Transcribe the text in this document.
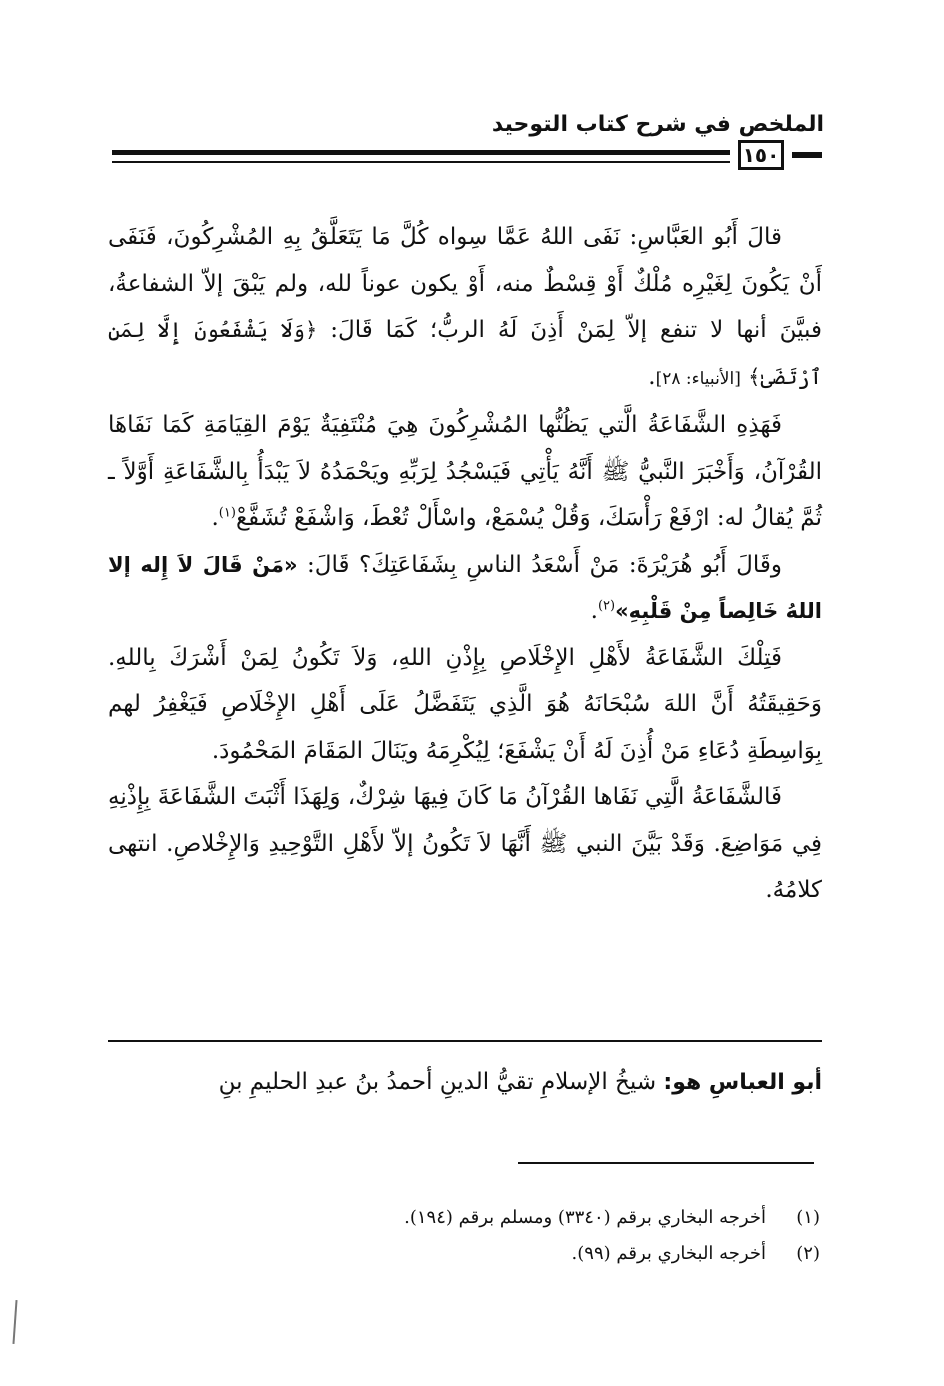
الملخص في شرح كتاب التوحيد
١٥٠

قالَ أَبُو العَبَّاسِ: نَفَى اللهُ عَمَّا سِواه كُلَّ مَا يَتَعَلَّقُ بِهِ المُشْرِكُونَ، فَنَفَى أَنْ يَكُونَ لِغَيْرِه مُلْكٌ أَوْ قِسْطٌ منه، أَوْ يكون عوناً لله، ولم يَبْقَ إلاّ الشفاعةُ، فبيَّنَ أنها لا تنفع إلاّ لِمَنْ أَذِنَ لَهُ الربُّ؛ كَمَا قَالَ: ﴿وَلَا يَشْفَعُونَ إِلَّا لِمَنِ ٱرْتَضَىٰ﴾ [الأنبياء: ٢٨].

فَهَذِهِ الشَّفَاعَةُ الَّتي يَظُنُّها المُشْرِكُونَ هِيَ مُنْتَفِيَةٌ يَوْمَ القِيَامَةِ كَمَا نَفَاهَا القُرْآنُ، وَأَخْبَرَ النَّبيُّ ﷺ أَنَّهُ يَأْتِي فَيَسْجُدُ لِرَبِّهِ ويَحْمَدُهُ لاَ يَبْدَأُ بِالشَّفَاعَةِ أَوَّلاً ـ ثُمَّ يُقالُ له: ارْفَعْ رَأْسَكَ، وَقُلْ يُسْمَعْ، واسْأَلْ تُعْطَ، وَاشْفَعْ تُشَفَّعْ$^{(١)}$.

وقَالَ أَبُو هُرَيْرَةَ: مَنْ أَسْعَدُ الناسِ بِشَفَاعَتِكَ؟ قَالَ: «مَنْ قَالَ لاَ إِله إلا اللهُ خَالِصاً مِنْ قَلْبِهِ»$^{(٢)}$.

فَتِلْكَ الشَّفَاعَةُ لأَهْلِ الإِخْلَاصِ بِإِذْنِ اللهِ، وَلاَ تَكُونُ لِمَنْ أَشْرَكَ بِاللهِ. وَحَقِيقَتُهُ أَنَّ اللهَ سُبْحَانَهُ هُوَ الَّذِي يَتَفَضَّلُ عَلَى أَهْلِ الإِخْلَاصِ فَيَغْفِرُ لهم بِوَاسِطَةِ دُعَاءِ مَنْ أُذِنَ لَهُ أَنْ يَشْفَعَ؛ لِيُكْرِمَهُ ويَنَالَ المَقَامَ المَحْمُودَ.

فَالشَّفَاعَةُ الَّتِي نَفَاها القُرْآنُ مَا كَانَ فِيهَا شِرْكٌ، وَلِهَذَا أَثْبَتَ الشَّفَاعَةَ بِإِذْنِهِ فِي مَوَاضِعَ. وَقَدْ بَيَّنَ النبي ﷺ أَنَّهَا لاَ تَكُونُ إلاّ لأَهْلِ التَّوْحِيدِ وَالإِخْلاصِ. انتهى كلامُهُ.

أبو العباسِ هو: شيخُ الإسلامِ تقيُّ الدينِ أحمدُ بنُ عبدِ الحليمِ بنِ
(١)
أخرجه البخاري برقم (٣٣٤٠) ومسلم برقم (١٩٤).
(٢)
أخرجه البخاري برقم (٩٩).
